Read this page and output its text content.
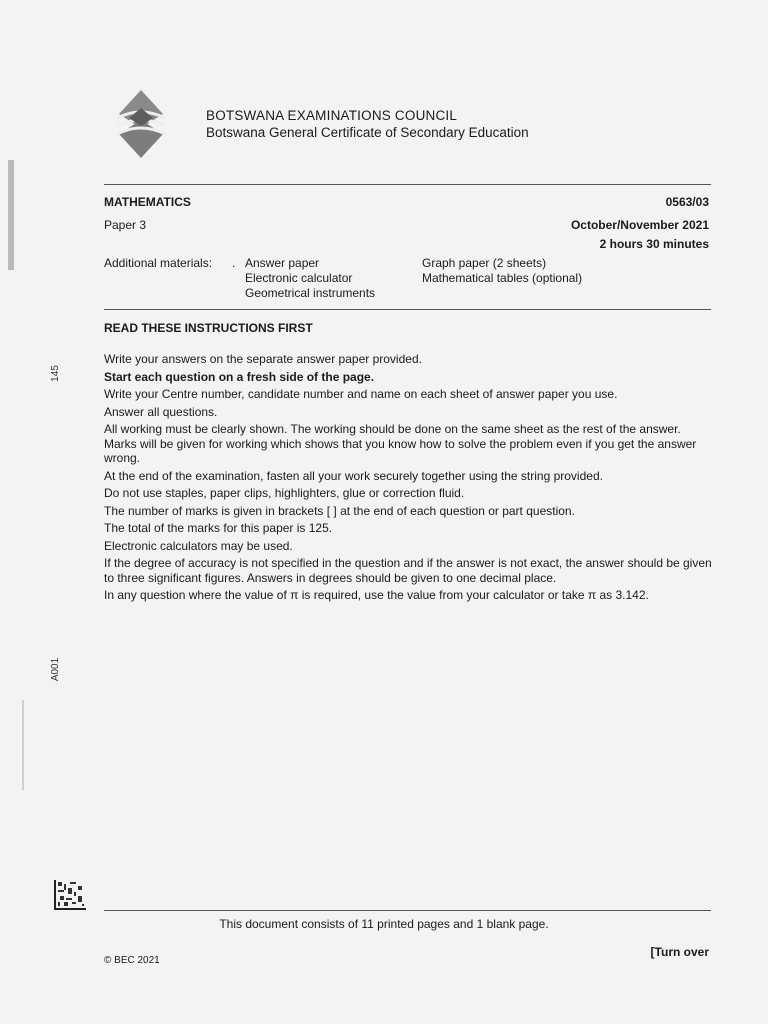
BOTSWANA EXAMINATIONS COUNCIL
Botswana General Certificate of Secondary Education
MATHEMATICS	0563/03
Paper 3	October/November 2021
2 hours 30 minutes
Additional materials: . Answer paper
Electronic calculator
Geometrical instruments
Graph paper (2 sheets)
Mathematical tables (optional)
READ THESE INSTRUCTIONS FIRST

Write your answers on the separate answer paper provided.

Start each question on a fresh side of the page.

Write your Centre number, candidate number and name on each sheet of answer paper you use.

Answer all questions.

All working must be clearly shown. The working should be done on the same sheet as the rest of the answer. Marks will be given for working which shows that you know how to solve the problem even if you get the answer wrong.

At the end of the examination, fasten all your work securely together using the string provided.

Do not use staples, paper clips, highlighters, glue or correction fluid.

The number of marks is given in brackets [ ] at the end of each question or part question.

The total of the marks for this paper is 125.

Electronic calculators may be used.

If the degree of accuracy is not specified in the question and if the answer is not exact, the answer should be given to three significant figures. Answers in degrees should be given to one decimal place.

In any question where the value of π is required, use the value from your calculator or take π as 3.142.

145
A001
This document consists of 11 printed pages and 1 blank page.
© BEC 2021
[Turn over
